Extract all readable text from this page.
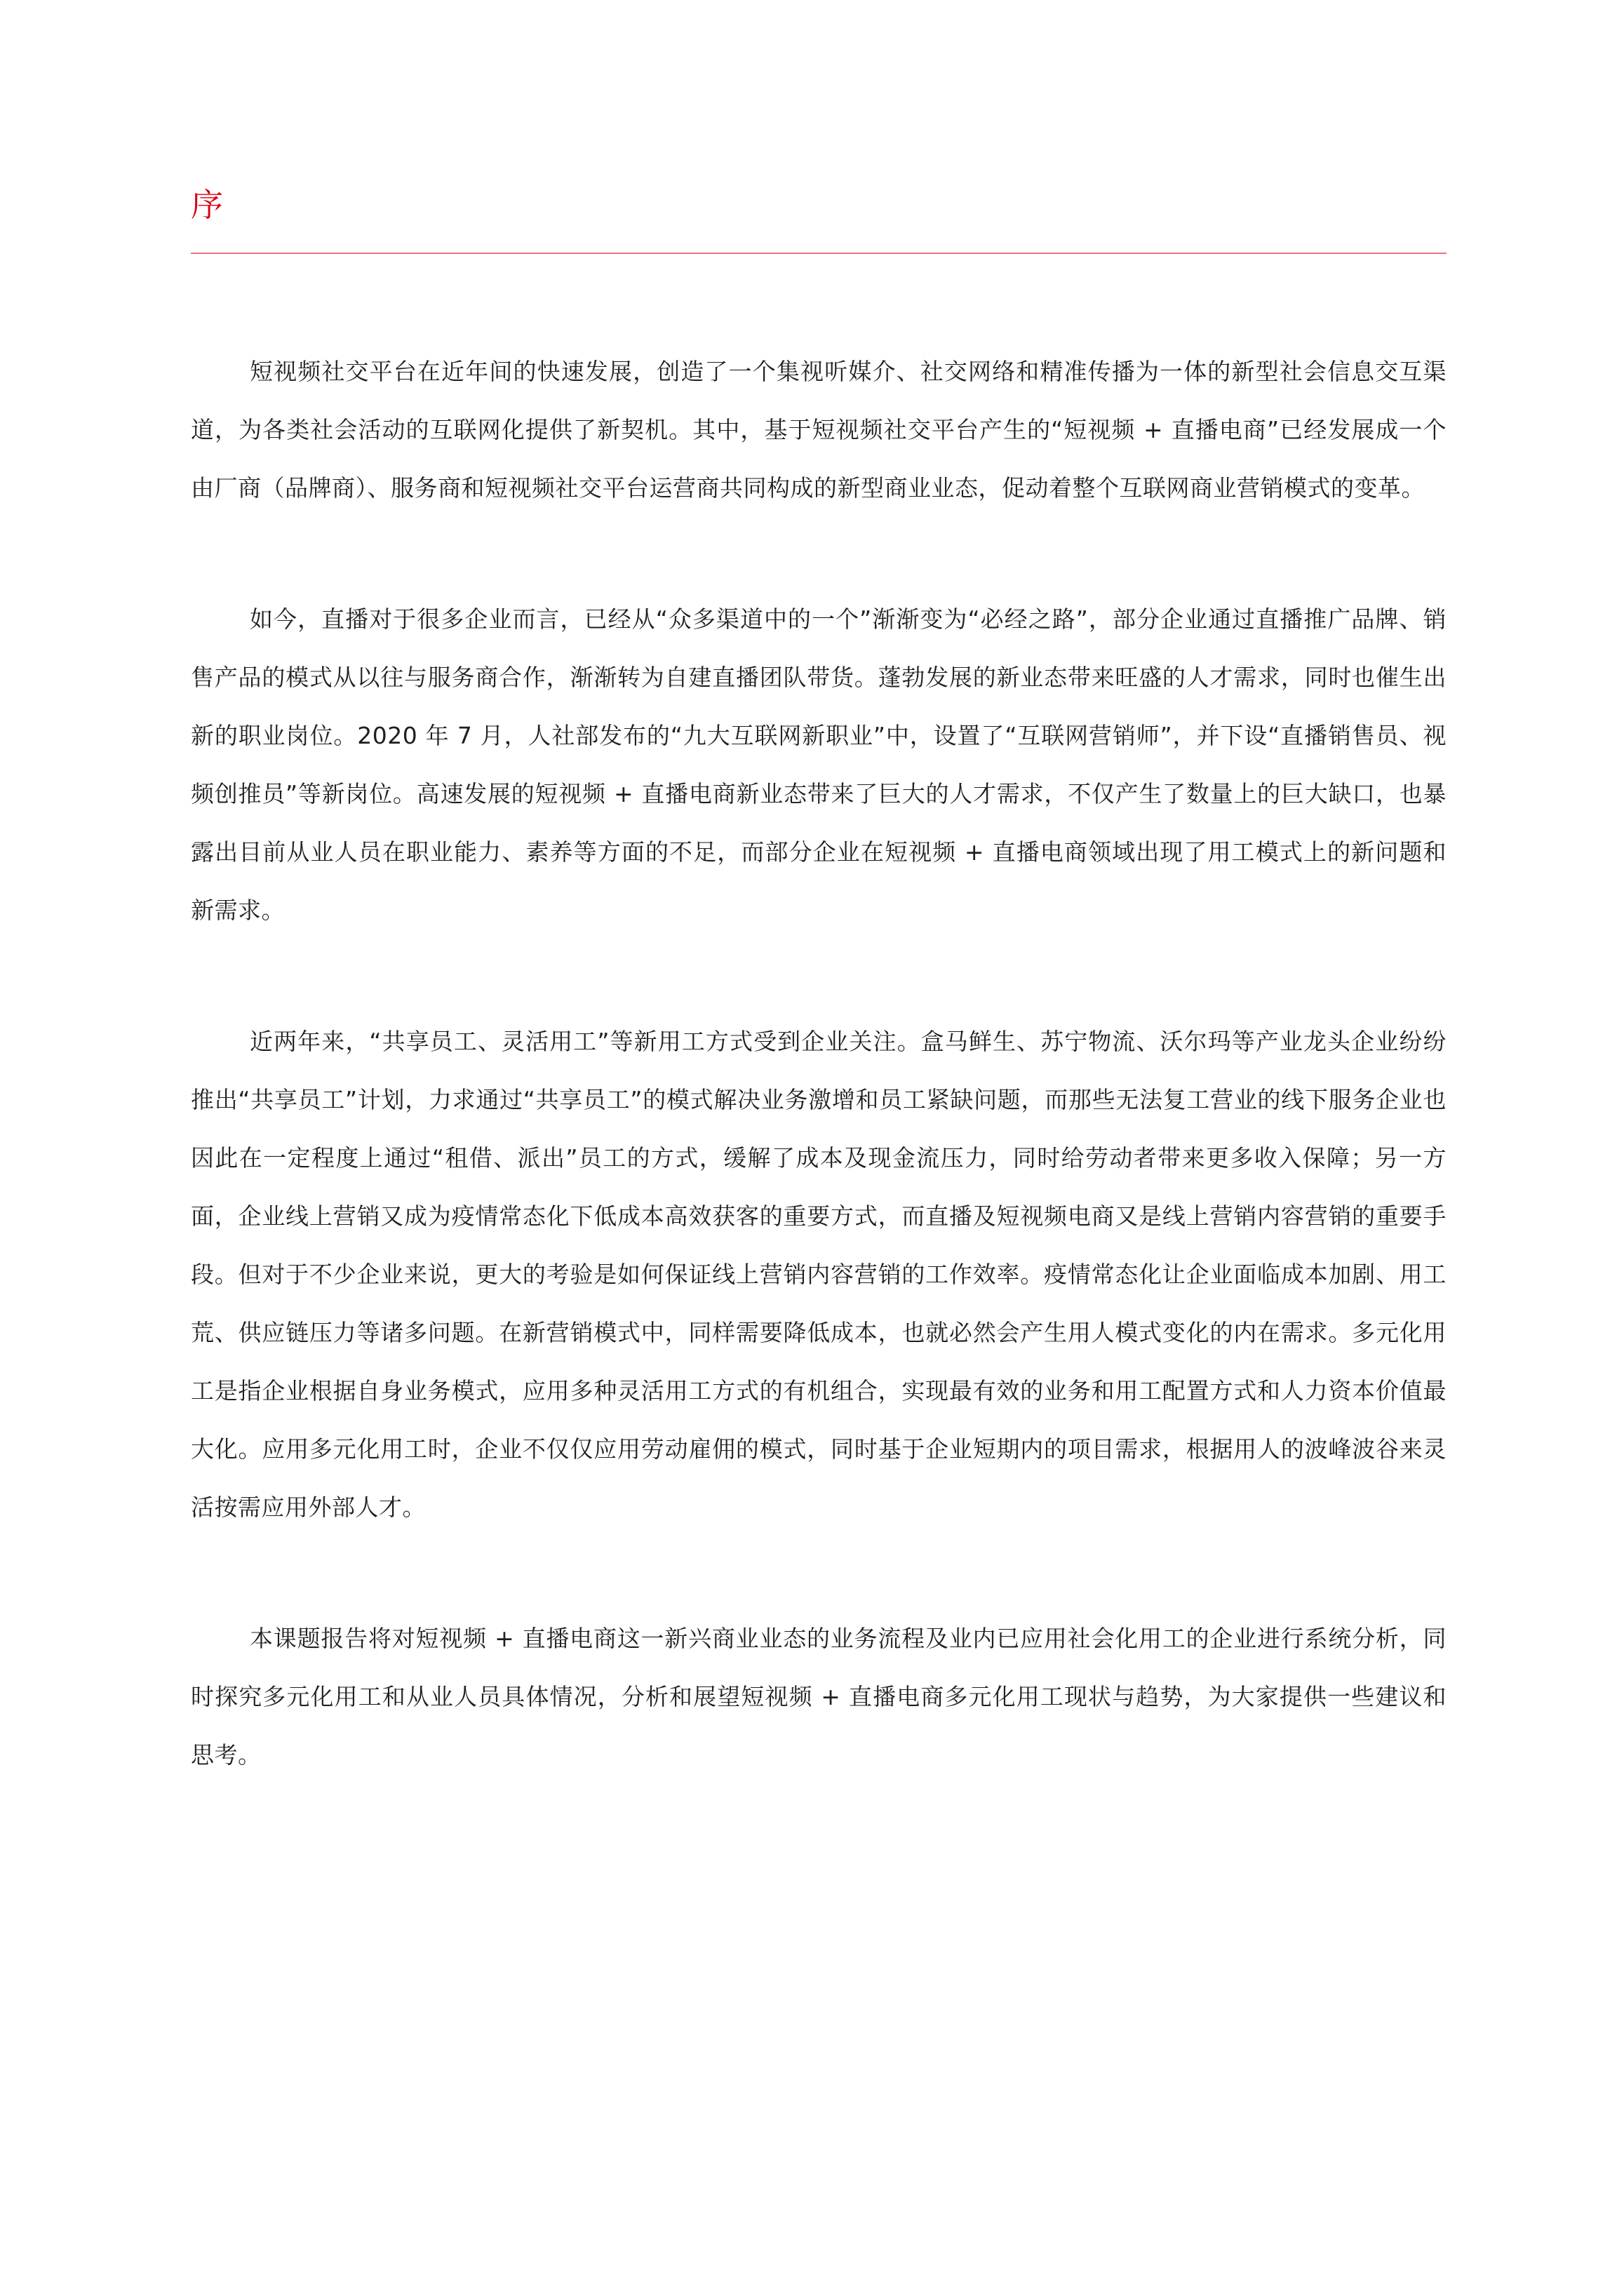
序

短视频社交平台在近年间的快速发展，创造了一个集视听媒介、社交网络和精准传播为一体的新型社会信息交互渠道，为各类社会活动的互联网化提供了新契机。其中，基于短视频社交平台产生的“短视频 + 直播电商”已经发展成一个由厂商（品牌商）、服务商和短视频社交平台运营商共同构成的新型商业业态，促动着整个互联网商业营销模式的变革。

如今，直播对于很多企业而言，已经从“众多渠道中的一个”渐渐变为“必经之路”，部分企业通过直播推广品牌、销售产品的模式从以往与服务商合作，渐渐转为自建直播团队带货。蓬勃发展的新业态带来旺盛的人才需求，同时也催生出新的职业岗位。2020 年 7 月，人社部发布的“九大互联网新职业”中，设置了“互联网营销师”，并下设“直播销售员、视频创推员”等新岗位。高速发展的短视频 + 直播电商新业态带来了巨大的人才需求，不仅产生了数量上的巨大缺口，也暴露出目前从业人员在职业能力、素养等方面的不足，而部分企业在短视频 + 直播电商领域出现了用工模式上的新问题和新需求。

近两年来，“共享员工、灵活用工”等新用工方式受到企业关注。盒马鲜生、苏宁物流、沃尔玛等产业龙头企业纷纷推出“共享员工”计划，力求通过“共享员工”的模式解决业务激增和员工紧缺问题，而那些无法复工营业的线下服务企业也因此在一定程度上通过“租借、派出”员工的方式，缓解了成本及现金流压力，同时给劳动者带来更多收入保障；另一方面，企业线上营销又成为疫情常态化下低成本高效获客的重要方式，而直播及短视频电商又是线上营销内容营销的重要手段。但对于不少企业来说，更大的考验是如何保证线上营销内容营销的工作效率。疫情常态化让企业面临成本加剧、用工荒、供应链压力等诸多问题。在新营销模式中，同样需要降低成本，也就必然会产生用人模式变化的内在需求。多元化用工是指企业根据自身业务模式，应用多种灵活用工方式的有机组合，实现最有效的业务和用工配置方式和人力资本价值最大化。应用多元化用工时，企业不仅仅应用劳动雇佣的模式，同时基于企业短期内的项目需求，根据用人的波峰波谷来灵活按需应用外部人才。

本课题报告将对短视频 + 直播电商这一新兴商业业态的业务流程及业内已应用社会化用工的企业进行系统分析，同时探究多元化用工和从业人员具体情况，分析和展望短视频 + 直播电商多元化用工现状与趋势，为大家提供一些建议和思考。
